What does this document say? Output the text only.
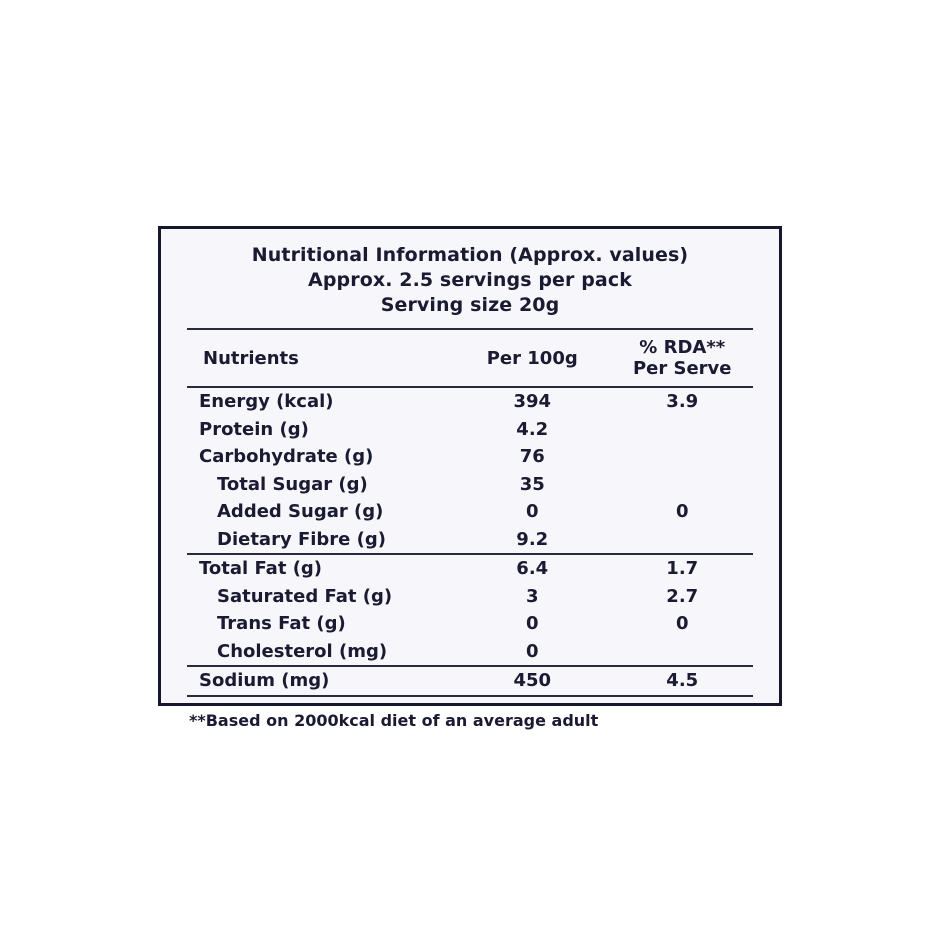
Nutritional Information (Approx. values)
Approx. 2.5 servings per pack
Serving size 20g
Nutrients	Per 100g	% RDA**
Per Serve

Energy (kcal)	394	3.9
Protein (g)	4.2	
Carbohydrate (g)	76	
Total Sugar (g)	35	
Added Sugar (g)	0	0
Dietary Fibre (g)	9.2	
Total Fat (g)	6.4	1.7
Saturated Fat (g)	3	2.7
Trans Fat (g)	0	0
Cholesterol (mg)	0	
Sodium (mg)	450	4.5
**Based on 2000kcal diet of an average adult
